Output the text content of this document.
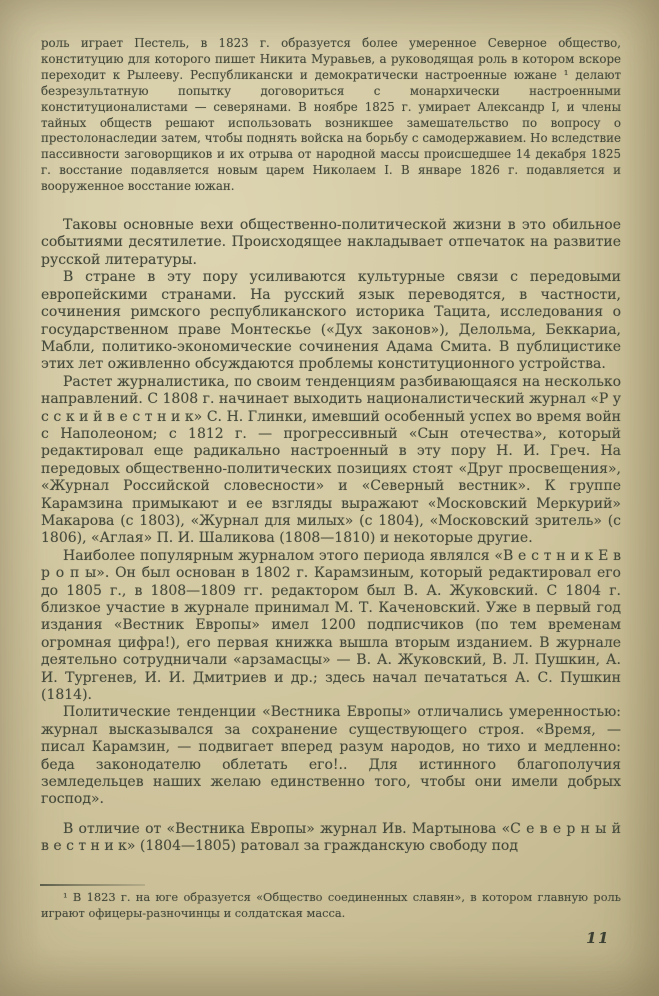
роль играет Пестель, в 1823 г. образуется более умеренное Северное общество, конституцию для которого пишет Никита Муравьев, а руководящая роль в котором вскоре переходит к Рылееву. Республикански и демократически настроенные южане ¹ делают безрезультатную попытку договориться с монархически настроенными конституционалистами — северянами. В ноябре 1825 г. умирает Александр I, и члены тайных обществ решают использовать возникшее замешательство по вопросу о престолонаследии затем, чтобы поднять войска на борьбу с самодержавием. Но вследствие пассивности заговорщиков и их отрыва от народной массы происшедшее 14 декабря 1825 г. восстание подавляется новым царем Николаем I. В январе 1826 г. подавляется и вооруженное восстание южан.

Таковы основные вехи общественно-политической жизни в это обильное событиями десятилетие. Происходящее накладывает отпечаток на развитие русской литературы.

В стране в эту пору усиливаются культурные связи с передовыми европейскими странами. На русский язык переводятся, в частности, сочинения римского республиканского историка Тацита, исследования о государственном праве Монтескье («Дух законов»), Делольма, Беккариа, Мабли, политико-экономические сочинения Адама Смита. В публицистике этих лет оживленно обсуждаются проблемы конституционного устройства.

Растет журналистика, по своим тенденциям разбивающаяся на несколько направлений. С 1808 г. начинает выходить националистический журнал «Р у с с к и й в е с т н и к» С. Н. Глинки, имевший особенный успех во время войн с Наполеоном; с 1812 г. — прогрессивный «Сын отечества», который редактировал еще радикально настроенный в эту пору Н. И. Греч. На передовых общественно-политических позициях стоят «Друг просвещения», «Журнал Российской словесности» и «Северный вестник». К группе Карамзина примыкают и ее взгляды выражают «Московский Меркурий» Макарова (с 1803), «Журнал для милых» (с 1804), «Московский зритель» (с 1806), «Аглая» П. И. Шаликова (1808—1810) и некоторые другие.

Наиболее популярным журналом этого периода являлся «В е с т н и к Е в р о п ы». Он был основан в 1802 г. Карамзиным, который редактировал его до 1805 г., в 1808—1809 гг. редактором был В. А. Жуковский. С 1804 г. близкое участие в журнале принимал М. Т. Каченовский. Уже в первый год издания «Вестник Европы» имел 1200 подписчиков (по тем временам огромная цифра!), его первая книжка вышла вторым изданием. В журнале деятельно сотрудничали «арзамасцы» — В. А. Жуковский, В. Л. Пушкин, А. И. Тургенев, И. И. Дмитриев и др.; здесь начал печататься А. С. Пушкин (1814).

Политические тенденции «Вестника Европы» отличались умеренностью: журнал высказывался за сохранение существующего строя. «Время, — писал Карамзин, — подвигает вперед разум народов, но тихо и медленно: беда законодателю облетать его!.. Для истинного благополучия земледельцев наших желаю единственно того, чтобы они имели добрых господ».

В отличие от «Вестника Европы» журнал Ив. Мартынова «С е в е р н ы й в е с т н и к» (1804—1805) ратовал за гражданскую свободу под

¹ В 1823 г. на юге образуется «Общество соединенных славян», в котором главную роль играют офицеры-разночинцы и солдатская масса.

11
